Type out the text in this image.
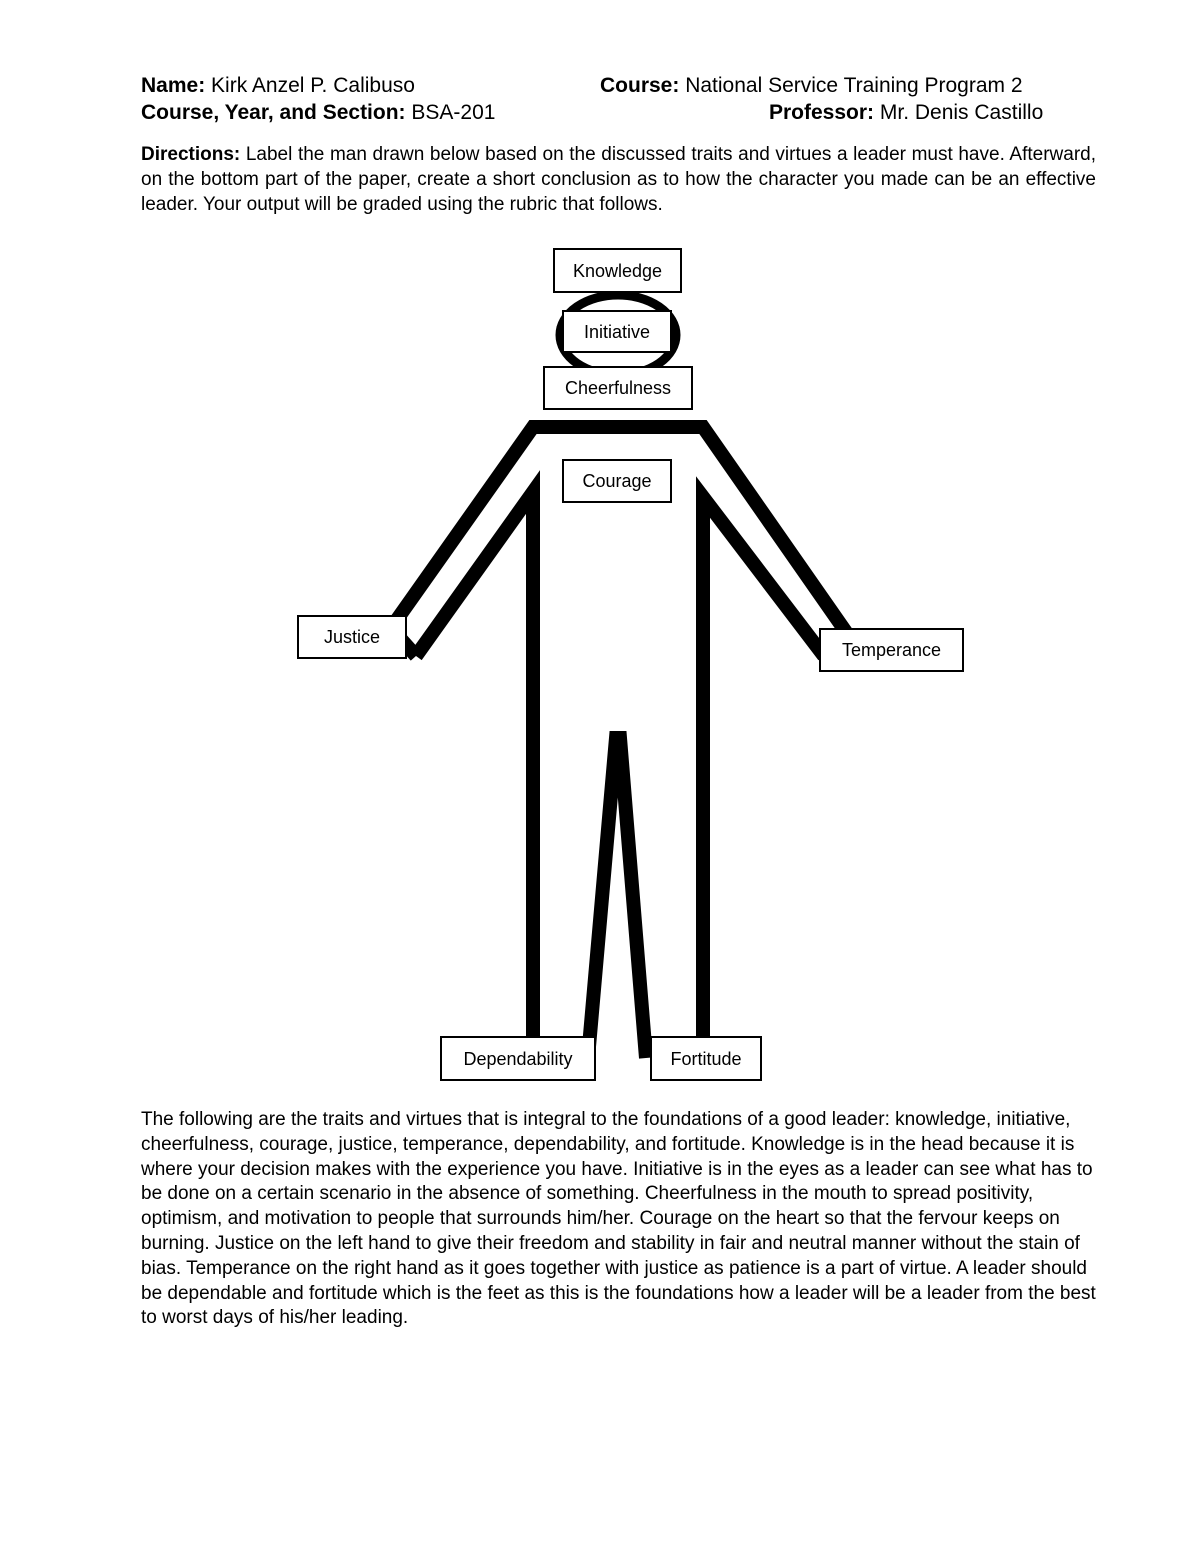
Name: Kirk Anzel P. Calibuso	Course: National Service Training Program 2
Course, Year, and Section: BSA-201	Professor: Mr. Denis Castillo
Directions: Label the man drawn below based on the discussed traits and virtues a leader must have. Afterward, on the bottom part of the paper, create a short conclusion as to how the character you made can be an effective leader. Your output will be graded using the rubric that follows.
Knowledge
Initiative
Cheerfulness
Courage
Justice
Temperance
Dependability	Fortitude
The following are the traits and virtues that is integral to the foundations of a good leader: knowledge, initiative, cheerfulness, courage, justice, temperance, dependability, and fortitude. Knowledge is in the head because it is where your decision makes with the experience you have. Initiative is in the eyes as a leader can see what has to be done on a certain scenario in the absence of something. Cheerfulness in the mouth to spread positivity, optimism, and motivation to people that surrounds him/her. Courage on the heart so that the fervour keeps on burning. Justice on the left hand to give their freedom and stability in fair and neutral manner without the stain of bias. Temperance on the right hand as it goes together with justice as patience is a part of virtue. A leader should be dependable and fortitude which is the feet as this is the foundations how a leader will be a leader from the best to worst days of his/her leading.
